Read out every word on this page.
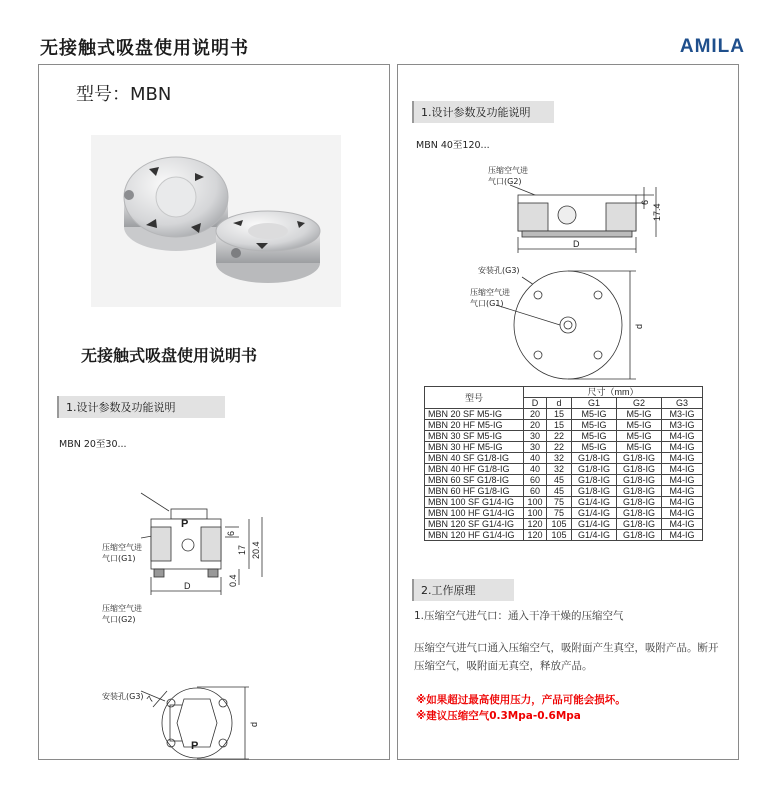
无接触式吸盘使用说明书	AMILA
型号：MBN
无接触式吸盘使用说明书
1.设计参数及功能说明
MBN 20至30...
压缩空气进
气口(G1)
压缩空气进
气口(G2)
安装孔(G3)
P
6
17 20.4
0.4
D
d
7
P
1.设计参数及功能说明
MBN 40至120...
压缩空气进
气口(G2)
安装孔(G3)
压缩空气进
气口(G1)
6
17.4
D
d
型号	尺寸（mm）				
	D	d	G1	G2	G3
MBN 20 SF M5-IG	20	15	M5-IG	M5-IG	M3-IG
MBN 20 HF M5-IG	20	15	M5-IG	M5-IG	M3-IG
MBN 30 SF M5-IG	30	22	M5-IG	M5-IG	M4-IG
MBN 30 HF M5-IG	30	22	M5-IG	M5-IG	M4-IG
MBN 40 SF G1/8-IG	40	32	G1/8-IG	G1/8-IG	M4-IG
MBN 40 HF G1/8-IG	40	32	G1/8-IG	G1/8-IG	M4-IG
MBN 60 SF G1/8-IG	60	45	G1/8-IG	G1/8-IG	M4-IG
MBN 60 HF G1/8-IG	60	45	G1/8-IG	G1/8-IG	M4-IG
MBN 100 SF G1/4-IG	100	75	G1/4-IG	G1/8-IG	M4-IG
MBN 100 HF G1/4-IG	100	75	G1/4-IG	G1/8-IG	M4-IG
MBN 120 SF G1/4-IG	120	105	G1/4-IG	G1/8-IG	M4-IG
MBN 120 HF G1/4-IG	120	105	G1/4-IG	G1/8-IG	M4-IG
2.工作原理
1.压缩空气进气口：通入干净干燥的压缩空气
压缩空气进气口通入压缩空气，吸附面产生真空，吸附产品。断开压缩空气，吸附面无真空，释放产品。
※如果超过最高使用压力，产品可能会损坏。
※建议压缩空气0.3Mpa-0.6Mpa
